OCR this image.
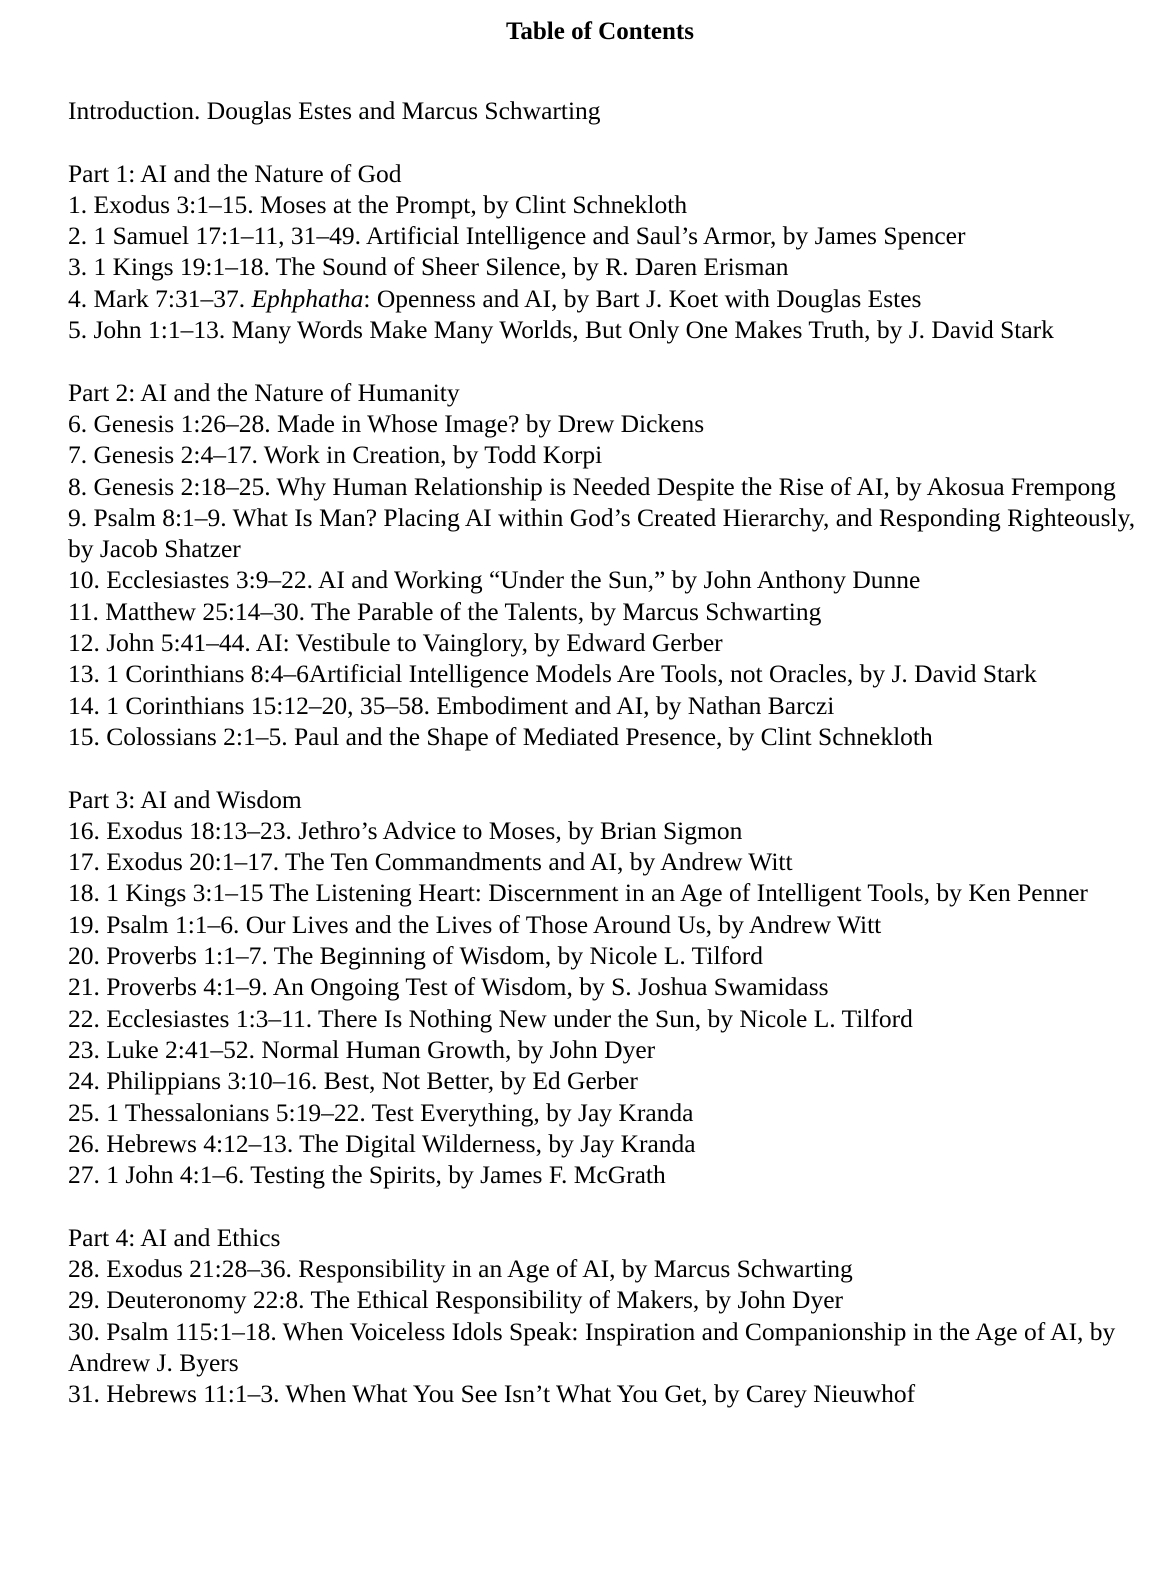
Table of Contents

Introduction. Douglas Estes and Marcus Schwarting

Part 1: AI and the Nature of God

1. Exodus 3:1–15. Moses at the Prompt, by Clint Schnekloth

2. 1 Samuel 17:1–11, 31–49. Artificial Intelligence and Saul’s Armor, by James Spencer

3. 1 Kings 19:1–18. The Sound of Sheer Silence, by R. Daren Erisman

4. Mark 7:31–37. Ephphatha: Openness and AI, by Bart J. Koet with Douglas Estes

5. John 1:1–13. Many Words Make Many Worlds, But Only One Makes Truth, by J. David Stark

Part 2: AI and the Nature of Humanity

6. Genesis 1:26–28. Made in Whose Image? by Drew Dickens

7. Genesis 2:4–17. Work in Creation, by Todd Korpi

8. Genesis 2:18–25. Why Human Relationship is Needed Despite the Rise of AI, by Akosua Frempong

9. Psalm 8:1–9. What Is Man? Placing AI within God’s Created Hierarchy, and Responding Righteously, by Jacob Shatzer

10. Ecclesiastes 3:9–22. AI and Working “Under the Sun,” by John Anthony Dunne

11. Matthew 25:14–30. The Parable of the Talents, by Marcus Schwarting

12. John 5:41–44. AI: Vestibule to Vainglory, by Edward Gerber

13. 1 Corinthians 8:4–6Artificial Intelligence Models Are Tools, not Oracles, by J. David Stark

14. 1 Corinthians 15:12–20, 35–58. Embodiment and AI, by Nathan Barczi

15. Colossians 2:1–5. Paul and the Shape of Mediated Presence, by Clint Schnekloth

Part 3: AI and Wisdom

16. Exodus 18:13–23. Jethro’s Advice to Moses, by Brian Sigmon

17. Exodus 20:1–17. The Ten Commandments and AI, by Andrew Witt

18. 1 Kings 3:1–15 The Listening Heart: Discernment in an Age of Intelligent Tools, by Ken Penner

19. Psalm 1:1–6. Our Lives and the Lives of Those Around Us, by Andrew Witt

20. Proverbs 1:1–7. The Beginning of Wisdom, by Nicole L. Tilford

21. Proverbs 4:1–9. An Ongoing Test of Wisdom, by S. Joshua Swamidass

22. Ecclesiastes 1:3–11. There Is Nothing New under the Sun, by Nicole L. Tilford

23. Luke 2:41–52. Normal Human Growth, by John Dyer

24. Philippians 3:10–16. Best, Not Better, by Ed Gerber

25. 1 Thessalonians 5:19–22. Test Everything, by Jay Kranda

26. Hebrews 4:12–13. The Digital Wilderness, by Jay Kranda

27. 1 John 4:1–6. Testing the Spirits, by James F. McGrath

Part 4: AI and Ethics

28. Exodus 21:28–36. Responsibility in an Age of AI, by Marcus Schwarting

29. Deuteronomy 22:8. The Ethical Responsibility of Makers, by John Dyer

30. Psalm 115:1–18. When Voiceless Idols Speak: Inspiration and Companionship in the Age of AI, by Andrew J. Byers

31. Hebrews 11:1–3. When What You See Isn’t What You Get, by Carey Nieuwhof
